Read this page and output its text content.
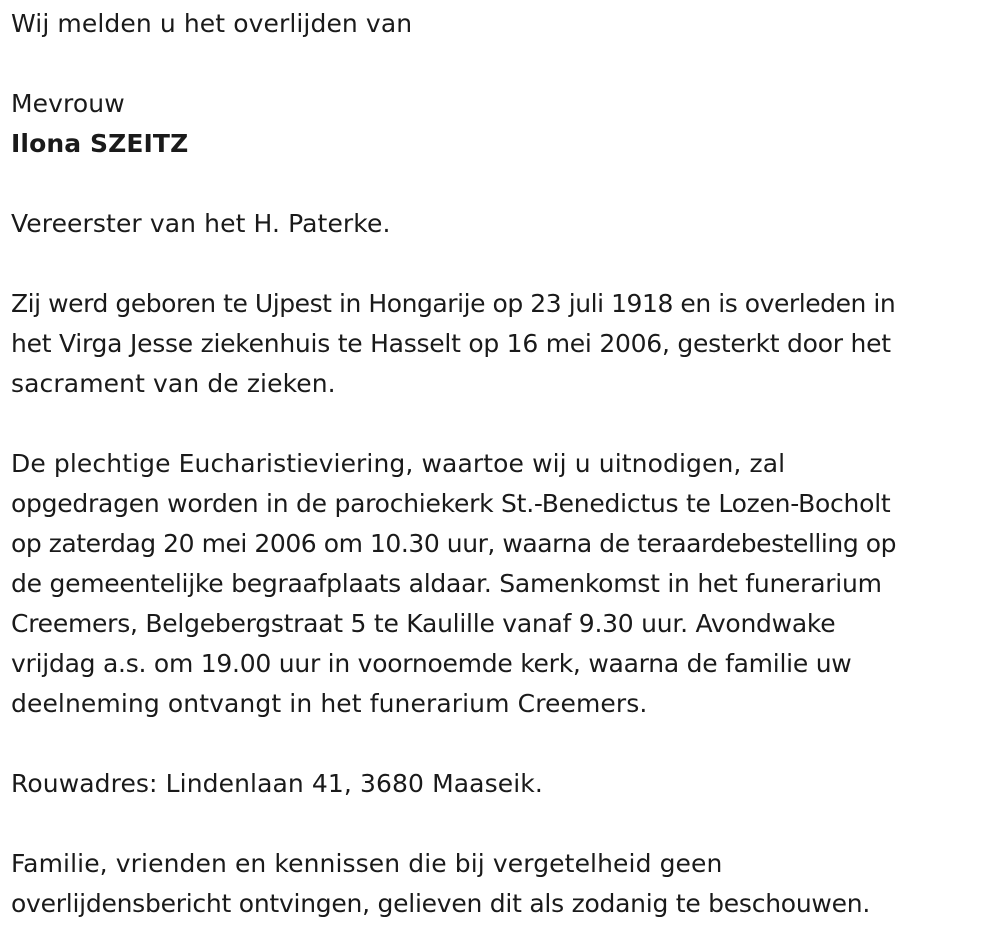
Wij melden u het overlijden van

Mevrouw

Ilona SZEITZ

Vereerster van het H. Paterke.

Zij werd geboren te Ujpest in Hongarije op 23 juli 1918 en is overleden in

het Virga Jesse ziekenhuis te Hasselt op 16 mei 2006, gesterkt door het

sacrament van de zieken.

De plechtige Eucharistieviering, waartoe wij u uitnodigen, zal

opgedragen worden in de parochiekerk St.-Benedictus te Lozen-Bocholt

op zaterdag 20 mei 2006 om 10.30 uur, waarna de teraardebestelling op

de gemeentelijke begraafplaats aldaar. Samenkomst in het funerarium

Creemers, Belgebergstraat 5 te Kaulille vanaf 9.30 uur. Avondwake

vrijdag a.s. om 19.00 uur in voornoemde kerk, waarna de familie uw

deelneming ontvangt in het funerarium Creemers.

Rouwadres: Lindenlaan 41, 3680 Maaseik.

Familie, vrienden en kennissen die bij vergetelheid geen

overlijdensbericht ontvingen, gelieven dit als zodanig te beschouwen.
